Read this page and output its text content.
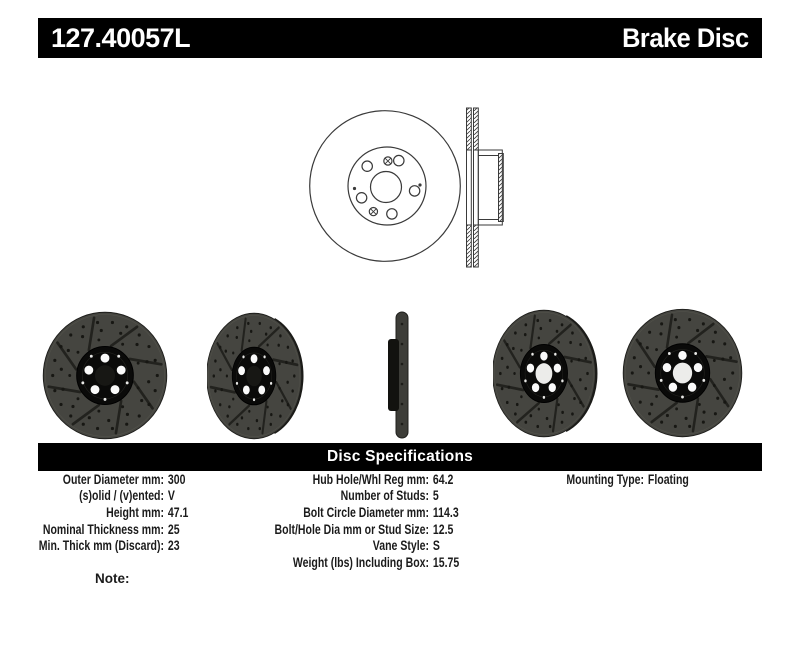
127.40057L	Brake Disc
Disc Specifications
Outer Diameter mm: 300
(s)olid / (v)ented: V
Height mm: 47.1
Nominal Thickness mm: 25
Min. Thick mm (Discard): 23
Hub Hole/Whl Reg mm: 64.2
Number of Studs: 5
Bolt Circle Diameter mm: 114.3
Bolt/Hole Dia mm or Stud Size: 12.5
Vane Style: S
Weight (lbs) Including Box: 15.75
Mounting Type: Floating
Note:
